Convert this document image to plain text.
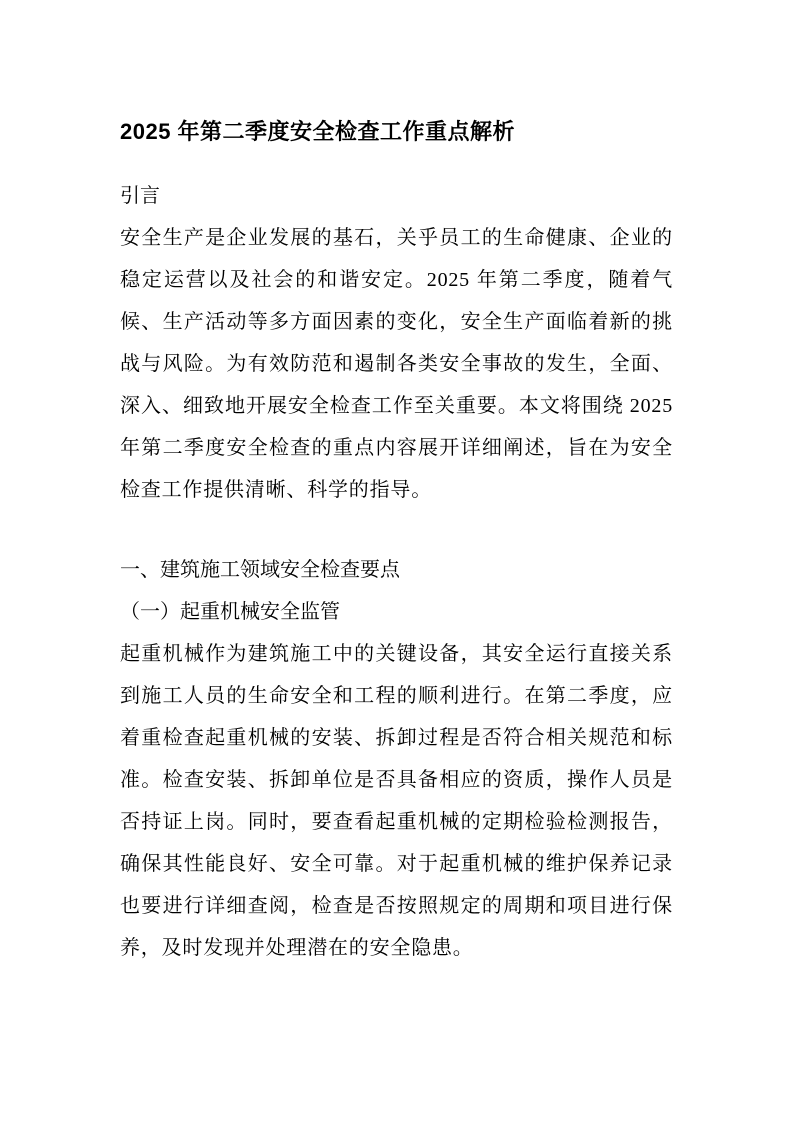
2025 年第二季度安全检查工作重点解析
引言

安全生产是企业发展的基石，关乎员工的生命健康、企业的稳定运营以及社会的和谐安定。2025 年第二季度，随着气候、生产活动等多方面因素的变化，安全生产面临着新的挑战与风险。为有效防范和遏制各类安全事故的发生，全面、深入、细致地开展安全检查工作至关重要。本文将围绕 2025 年第二季度安全检查的重点内容展开详细阐述，旨在为安全检查工作提供清晰、科学的指导。

一、建筑施工领域安全检查要点
（一）起重机械安全监管

起重机械作为建筑施工中的关键设备，其安全运行直接关系到施工人员的生命安全和工程的顺利进行。在第二季度，应着重检查起重机械的安装、拆卸过程是否符合相关规范和标准。检查安装、拆卸单位是否具备相应的资质，操作人员是否持证上岗。同时，要查看起重机械的定期检验检测报告，确保其性能良好、安全可靠。对于起重机械的维护保养记录也要进行详细查阅，检查是否按照规定的周期和项目进行保养，及时发现并处理潜在的安全隐患。
